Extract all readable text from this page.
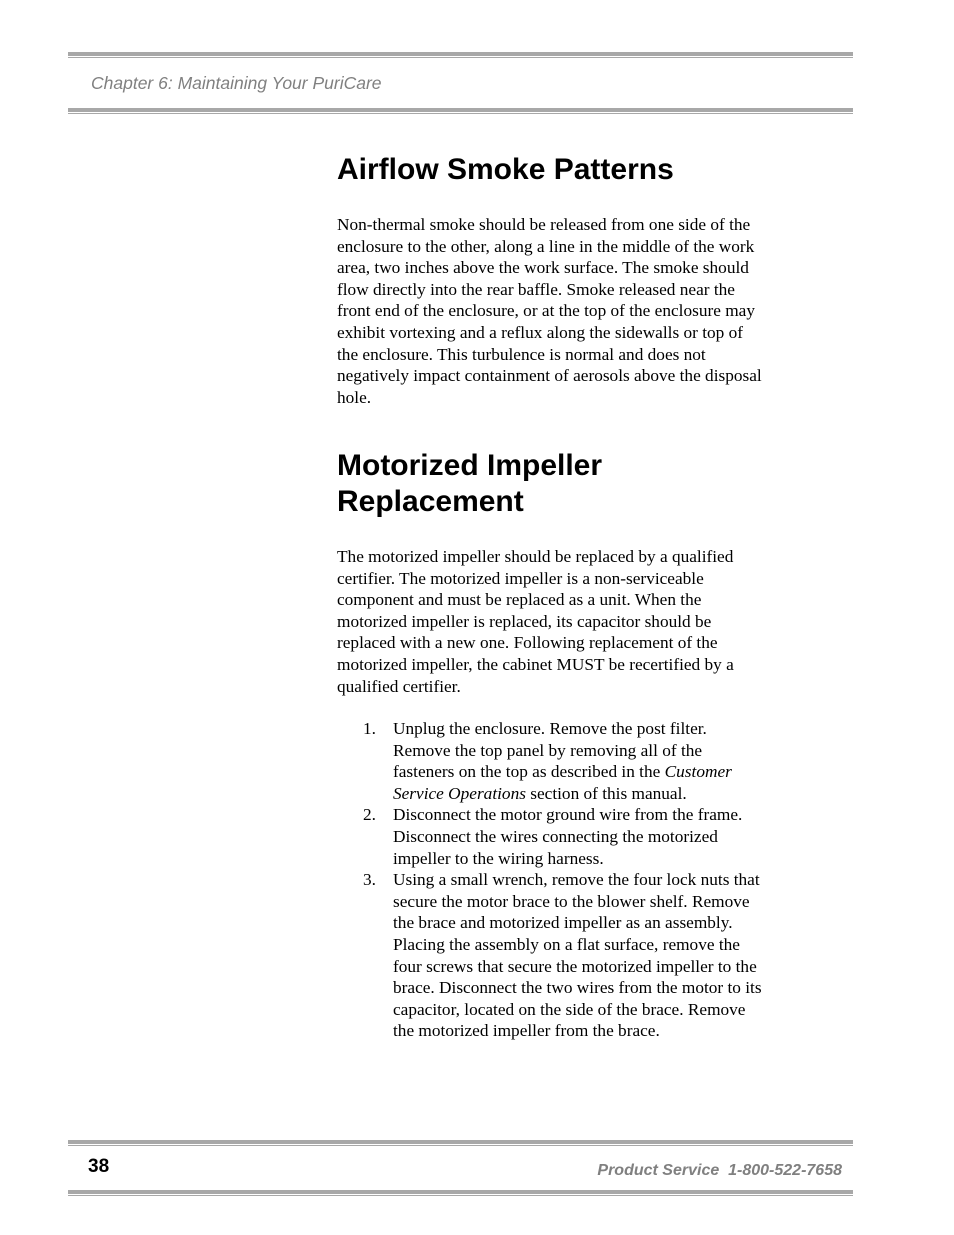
Chapter 6: Maintaining Your PuriCare
Airflow Smoke Patterns

Non-thermal smoke should be released from one side of the enclosure to the other, along a line in the middle of the work area, two inches above the work surface. The smoke should flow directly into the rear baffle. Smoke released near the front end of the enclosure, or at the top of the enclosure may exhibit vortexing and a reflux along the sidewalls or top of the enclosure. This turbulence is normal and does not negatively impact containment of aerosols above the disposal hole.

Motorized Impeller Replacement

The motorized impeller should be replaced by a qualified certifier. The motorized impeller is a non-serviceable component and must be replaced as a unit. When the motorized impeller is replaced, its capacitor should be replaced with a new one. Following replacement of the motorized impeller, the cabinet MUST be recertified by a qualified certifier.

1. Unplug the enclosure. Remove the post filter. Remove the top panel by removing all of the fasteners on the top as described in the Customer Service Operations section of this manual.
2. Disconnect the motor ground wire from the frame. Disconnect the wires connecting the motorized impeller to the wiring harness.
3. Using a small wrench, remove the four lock nuts that secure the motor brace to the blower shelf. Remove the brace and motorized impeller as an assembly. Placing the assembly on a flat surface, remove the four screws that secure the motorized impeller to the brace. Disconnect the two wires from the motor to its capacitor, located on the side of the brace. Remove the motorized impeller from the brace.
38	Product Service  1-800-522-7658
